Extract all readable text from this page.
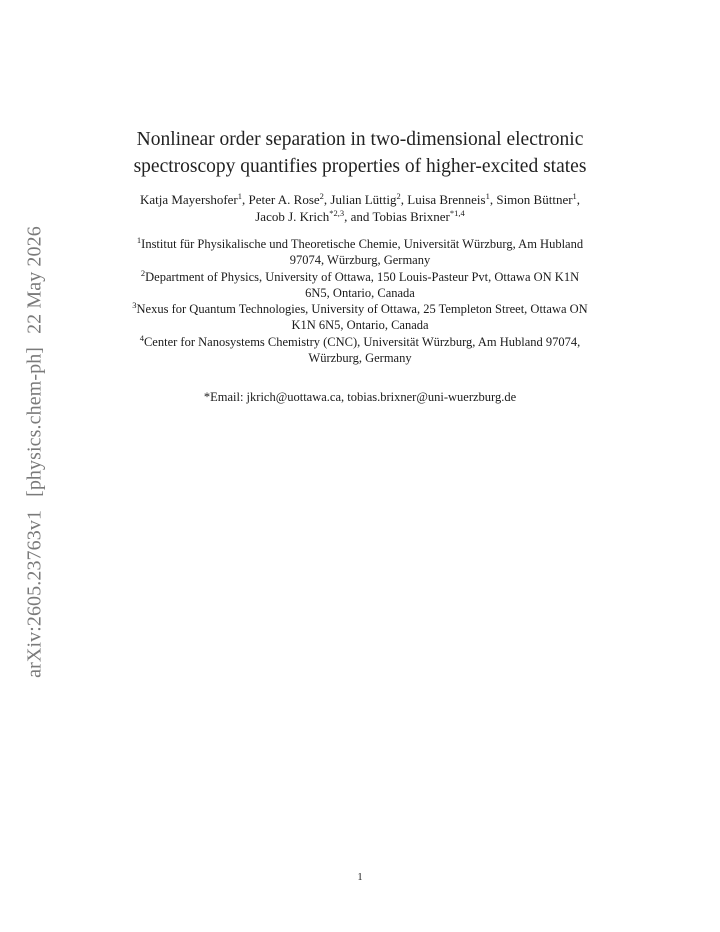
arXiv:2605.23763v1[physics.chem-ph]22 May 2026
Nonlinear order separation in two-dimensional electronic
spectroscopy quantifies properties of higher-excited states
Katja Mayershofer$^1$, Peter A. Rose$^2$, Julian Lüttig$^2$, Luisa Brenneis$^1$, Simon Büttner$^1$,
Jacob J. Krich$^{*2,3}$, and Tobias Brixner$^{*1,4}$
$^1$Institut für Physikalische und Theoretische Chemie, Universität Würzburg, Am Hubland
97074, Würzburg, Germany
$^2$Department of Physics, University of Ottawa, 150 Louis-Pasteur Pvt, Ottawa ON K1N
6N5, Ontario, Canada
$^3$Nexus for Quantum Technologies, University of Ottawa, 25 Templeton Street, Ottawa ON
K1N 6N5, Ontario, Canada
$^4$Center for Nanosystems Chemistry (CNC), Universität Würzburg, Am Hubland 97074,
Würzburg, Germany
*Email: jkrich@uottawa.ca, tobias.brixner@uni-wuerzburg.de
1
